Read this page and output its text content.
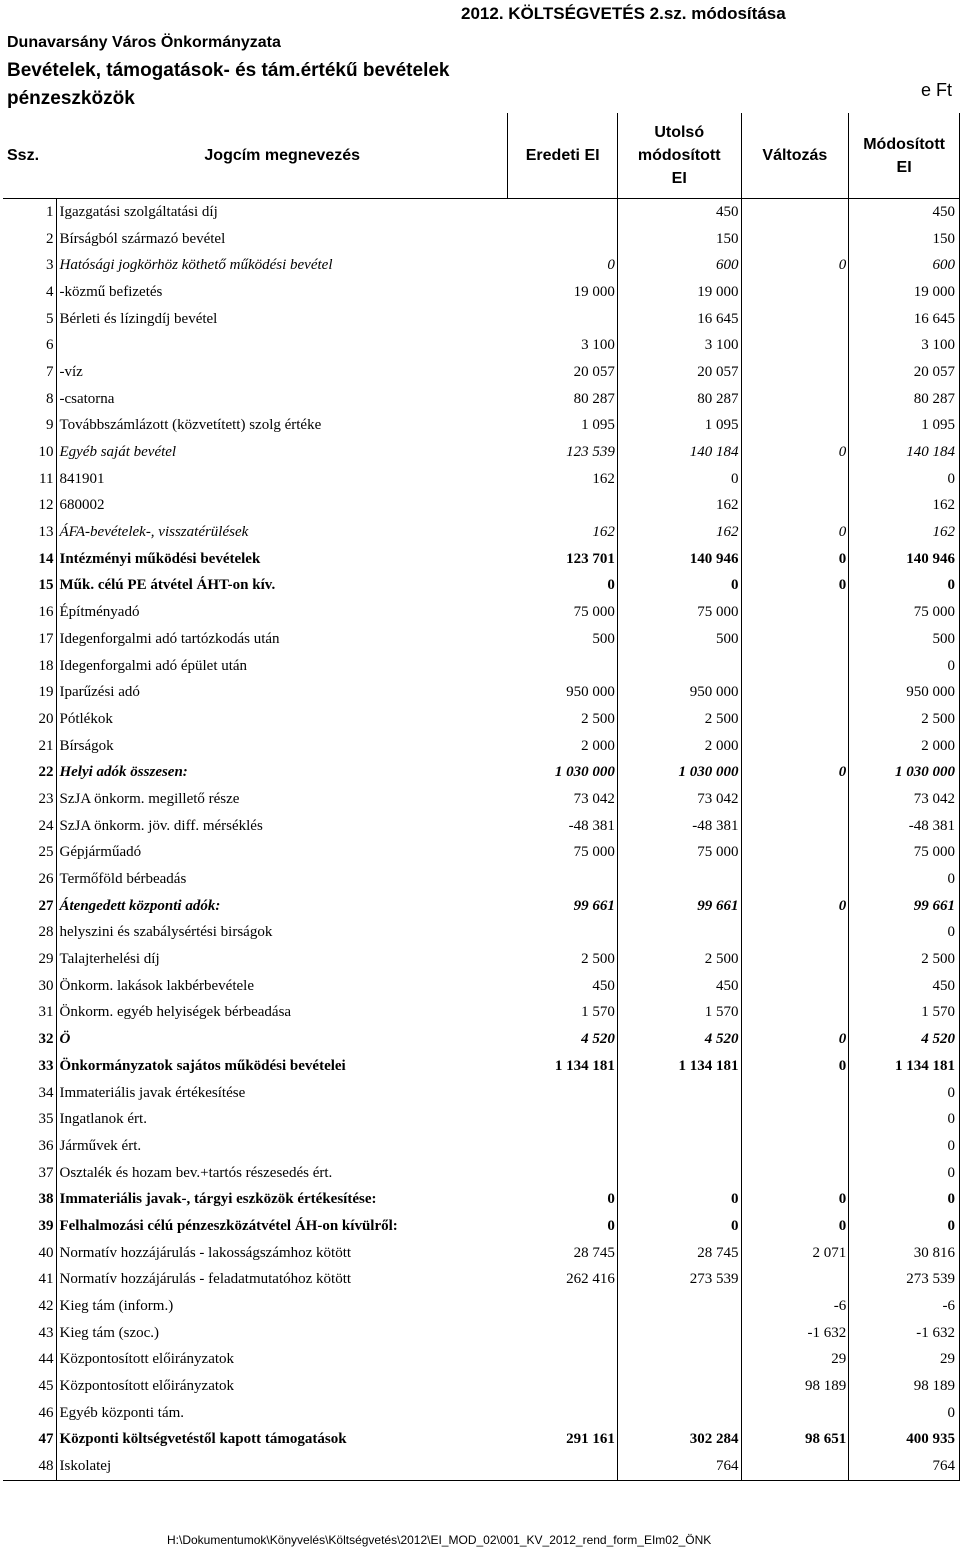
Dunavarsány Város Önkormányzata
2012. KÖLTSÉGVETÉS 2.sz. módosítása
Bevételek, támogatások- és tám.értékű bevételek
pénzeszközök	e Ft
Ssz.	Jogcím megnevezés	Eredeti EI	Utolsó módosított EI	Változás	Módosított EI
1	Igazgatási szolgáltatási díj		450		450
2	Bírságból származó bevétel		150		150
3	Hatósági jogkörhöz köthető működési bevétel	0	600	0	600
4	-közmű befizetés	19 000	19 000		19 000
5	Bérleti és lízingdíj bevétel		16 645		16 645
6		3 100	3 100		3 100
7	-víz	20 057	20 057		20 057
8	-csatorna	80 287	80 287		80 287
9	Továbbszámlázott (közvetített) szolg értéke	1 095	1 095		1 095
10	Egyéb saját bevétel	123 539	140 184	0	140 184
11	841901	162	0		0
12	680002		162		162
13	ÁFA-bevételek-, visszatérülések	162	162	0	162
14	Intézményi működési bevételek	123 701	140 946	0	140 946
15	Műk. célú PE átvétel ÁHT-on kív.	0	0	0	0
16	Építményadó	75 000	75 000		75 000
17	Idegenforgalmi adó tartózkodás után	500	500		500
18	Idegenforgalmi adó épület után				0
19	Iparűzési adó	950 000	950 000		950 000
20	Pótlékok	2 500	2 500		2 500
21	Bírságok	2 000	2 000		2 000
22	Helyi adók összesen:	1 030 000	1 030 000	0	1 030 000
23	SzJA önkorm. megillető része	73 042	73 042		73 042
24	SzJA önkorm. jöv. diff. mérséklés	-48 381	-48 381		-48 381
25	Gépjárműadó	75 000	75 000		75 000
26	Termőföld bérbeadás				0
27	Átengedett központi adók:	99 661	99 661	0	99 661
28	helyszini és szabálysértési birságok				0
29	Talajterhelési díj	2 500	2 500		2 500
30	Önkorm. lakások lakbérbevétele	450	450		450
31	Önkorm. egyéb helyiségek bérbeadása	1 570	1 570		1 570
32	Ö	4 520	4 520	0	4 520
33	Önkormányzatok sajátos működési bevételei	1 134 181	1 134 181	0	1 134 181
34	Immateriális javak értékesítése				0
35	Ingatlanok ért.				0
36	Járművek ért.				0
37	Osztalék és hozam bev.+tartós részesedés ért.				0
38	Immateriális javak-, tárgyi eszközök értékesítése:	0	0	0	0
39	Felhalmozási célú pénzeszközátvétel ÁH-on kívülről:	0	0	0	0
40	Normatív hozzájárulás - lakosságszámhoz kötött	28 745	28 745	2 071	30 816
41	Normatív hozzájárulás - feladatmutatóhoz kötött	262 416	273 539		273 539
42	Kieg tám (inform.)			-6	-6
43	Kieg tám (szoc.)			-1 632	-1 632
44	Központosított előirányzatok			29	29
45	Központosított előirányzatok			98 189	98 189
46	Egyéb központi tám.				0
47	Központi költségvetéstől kapott támogatások	291 161	302 284	98 651	400 935
48	Iskolatej		764		764
H:\Dokumentumok\Könyvelés\Költségvetés\2012\EI_MOD_02\001_KV_2012_rend_form_EIm02_ÖNK
